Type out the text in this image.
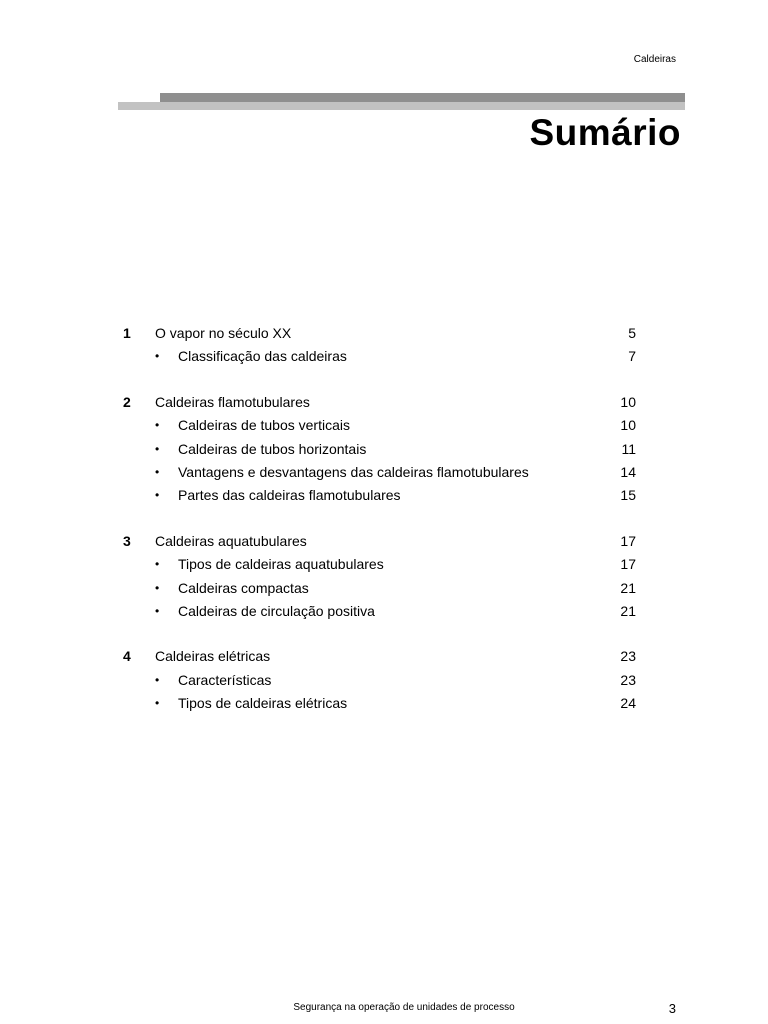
Caldeiras
Sumário
1 O vapor no século XX	5
• Classificação das caldeiras	7
2 Caldeiras flamotubulares	10
• Caldeiras de tubos verticais	10
• Caldeiras de tubos horizontais	11
• Vantagens e desvantagens das caldeiras flamotubulares	14
• Partes das caldeiras flamotubulares	15
3 Caldeiras aquatubulares	17
• Tipos de caldeiras aquatubulares	17
• Caldeiras compactas	21
• Caldeiras de circulação positiva	21
4 Caldeiras elétricas	23
• Características	23
• Tipos de caldeiras elétricas	24
Segurança na operação de unidades de processo	3
